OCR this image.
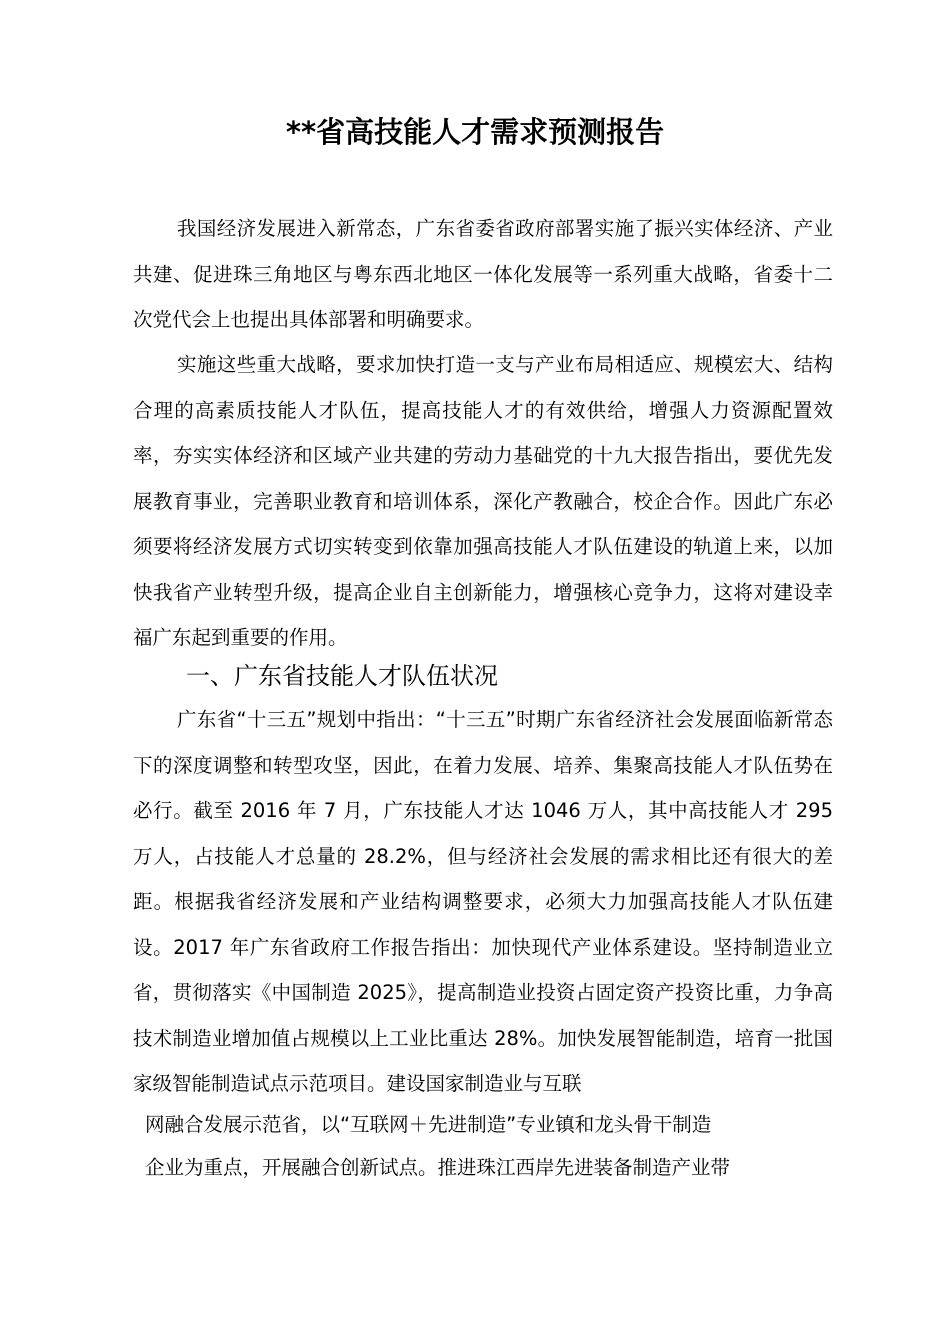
**省高技能人才需求预测报告

我国经济发展进入新常态，广东省委省政府部署实施了振兴实体经济、产业共建、促进珠三角地区与粤东西北地区一体化发展等一系列重大战略，省委十二次党代会上也提出具体部署和明确要求。

实施这些重大战略，要求加快打造一支与产业布局相适应、规模宏大、结构合理的高素质技能人才队伍，提高技能人才的有效供给，增强人力资源配置效率，夯实实体经济和区域产业共建的劳动力基础党的十九大报告指出，要优先发展教育事业，完善职业教育和培训体系，深化产教融合，校企合作。因此广东必须要将经济发展方式切实转变到依靠加强高技能人才队伍建设的轨道上来，以加快我省产业转型升级，提高企业自主创新能力，增强核心竞争力，这将对建设幸福广东起到重要的作用。

一、广东省技能人才队伍状况

广东省“十三五”规划中指出：“十三五”时期广东省经济社会发展面临新常态下的深度调整和转型攻坚，因此，在着力发展、培养、集聚高技能人才队伍势在必行。截至 2016 年 7 月，广东技能人才达 1046 万人，其中高技能人才 295 万人，占技能人才总量的 28.2%，但与经济社会发展的需求相比还有很大的差距。根据我省经济发展和产业结构调整要求，必须大力加强高技能人才队伍建设。2017 年广东省政府工作报告指出：加快现代产业体系建设。坚持制造业立省，贯彻落实《中国制造 2025》，提高制造业投资占固定资产投资比重，力争高技术制造业增加值占规模以上工业比重达 28%。加快发展智能制造，培育一批国家级智能制造试点示范项目。建设国家制造业与互联

网融合发展示范省，以“互联网＋先进制造”专业镇和龙头骨干制造

企业为重点，开展融合创新试点。推进珠江西岸先进装备制造产业带
